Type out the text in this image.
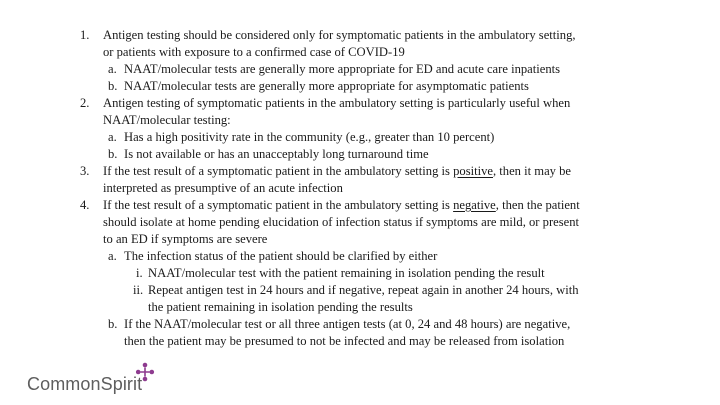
1. Antigen testing should be considered only for symptomatic patients in the ambulatory setting,
or patients with exposure to a confirmed case of COVID-19
a. NAAT/molecular tests are generally more appropriate for ED and acute care inpatients
b. NAAT/molecular tests are generally more appropriate for asymptomatic patients
2. Antigen testing of symptomatic patients in the ambulatory setting is particularly useful when
NAAT/molecular testing:
a. Has a high positivity rate in the community (e.g., greater than 10 percent)
b. Is not available or has an unacceptably long turnaround time
3. If the test result of a symptomatic patient in the ambulatory setting is positive, then it may be
interpreted as presumptive of an acute infection
4. If the test result of a symptomatic patient in the ambulatory setting is negative, then the patient
should isolate at home pending elucidation of infection status if symptoms are mild, or present
to an ED if symptoms are severe
a. The infection status of the patient should be clarified by either
i. NAAT/molecular test with the patient remaining in isolation pending the result
ii. Repeat antigen test in 24 hours and if negative, repeat again in another 24 hours, with
the patient remaining in isolation pending the results
b. If the NAAT/molecular test or all three antigen tests (at 0, 24 and 48 hours) are negative,
then the patient may be presumed to not be infected and may be released from isolation
CommonSpirit
